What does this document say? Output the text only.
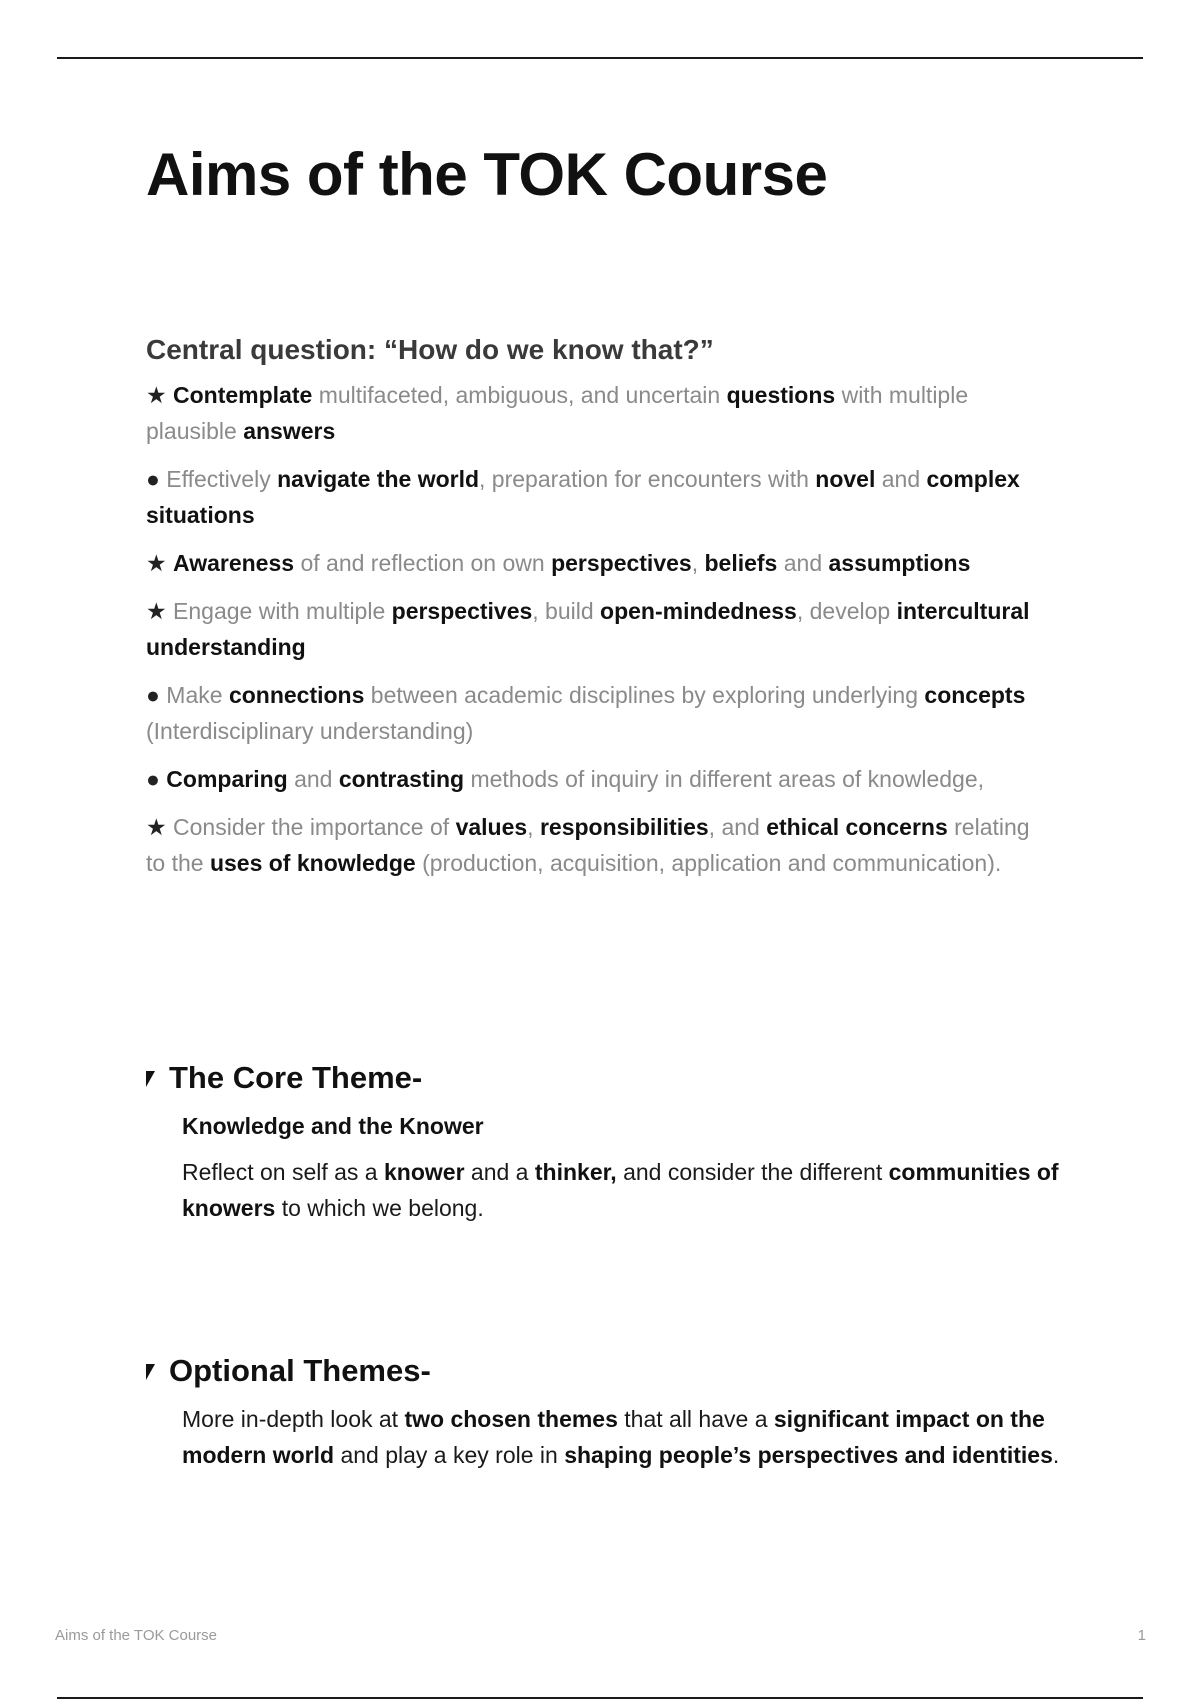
Aims of the TOK Course
Central question: “How do we know that?”
★ Contemplate multifaceted, ambiguous, and uncertain questions with multiple plausible answers
● Effectively navigate the world, preparation for encounters with novel and complex situations
★ Awareness of and reflection on own perspectives, beliefs and assumptions
★ Engage with multiple perspectives, build open-mindedness, develop intercultural understanding
● Make connections between academic disciplines by exploring underlying concepts (Interdisciplinary understanding)
● Comparing and contrasting methods of inquiry in different areas of knowledge,
★ Consider the importance of values, responsibilities, and ethical concerns relating to the uses of knowledge (production, acquisition, application and communication).
The Core Theme-
Knowledge and the Knower

Reflect on self as a knower and a thinker, and consider the different communities of knowers to which we belong.

Optional Themes-

More in-depth look at two chosen themes that all have a significant impact on the modern world and play a key role in shaping people’s perspectives and identities.

Aims of the TOK Course	1
